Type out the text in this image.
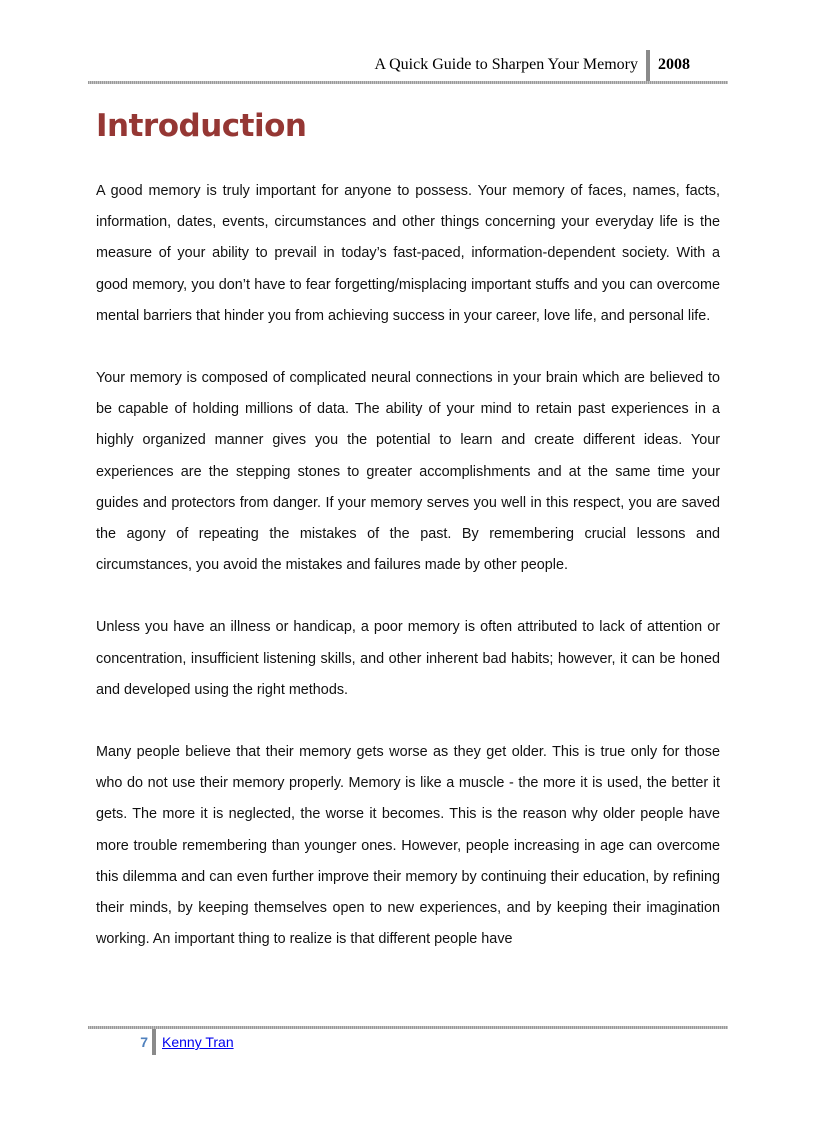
A Quick Guide to Sharpen Your Memory 2008
Introduction

A good memory is truly important for anyone to possess. Your memory of faces, names, facts, information, dates, events, circumstances and other things concerning your everyday life is the measure of your ability to prevail in today’s fast-paced, information-dependent society. With a good memory, you don’t have to fear forgetting/misplacing important stuffs and you can overcome mental barriers that hinder you from achieving success in your career, love life, and personal life.

Your memory is composed of complicated neural connections in your brain which are believed to be capable of holding millions of data. The ability of your mind to retain past experiences in a highly organized manner gives you the potential to learn and create different ideas. Your experiences are the stepping stones to greater accomplishments and at the same time your guides and protectors from danger. If your memory serves you well in this respect, you are saved the agony of repeating the mistakes of the past. By remembering crucial lessons and circumstances, you avoid the mistakes and failures made by other people.

Unless you have an illness or handicap, a poor memory is often attributed to lack of attention or concentration, insufficient listening skills, and other inherent bad habits; however, it can be honed and developed using the right methods.

Many people believe that their memory gets worse as they get older. This is true only for those who do not use their memory properly. Memory is like a muscle - the more it is used, the better it gets. The more it is neglected, the worse it becomes. This is the reason why older people have more trouble remembering than younger ones. However, people increasing in age can overcome this dilemma and can even further improve their memory by continuing their education, by refining their minds, by keeping themselves open to new experiences, and by keeping their imagination working. An important thing to realize is that different people have

7 Kenny Tran
